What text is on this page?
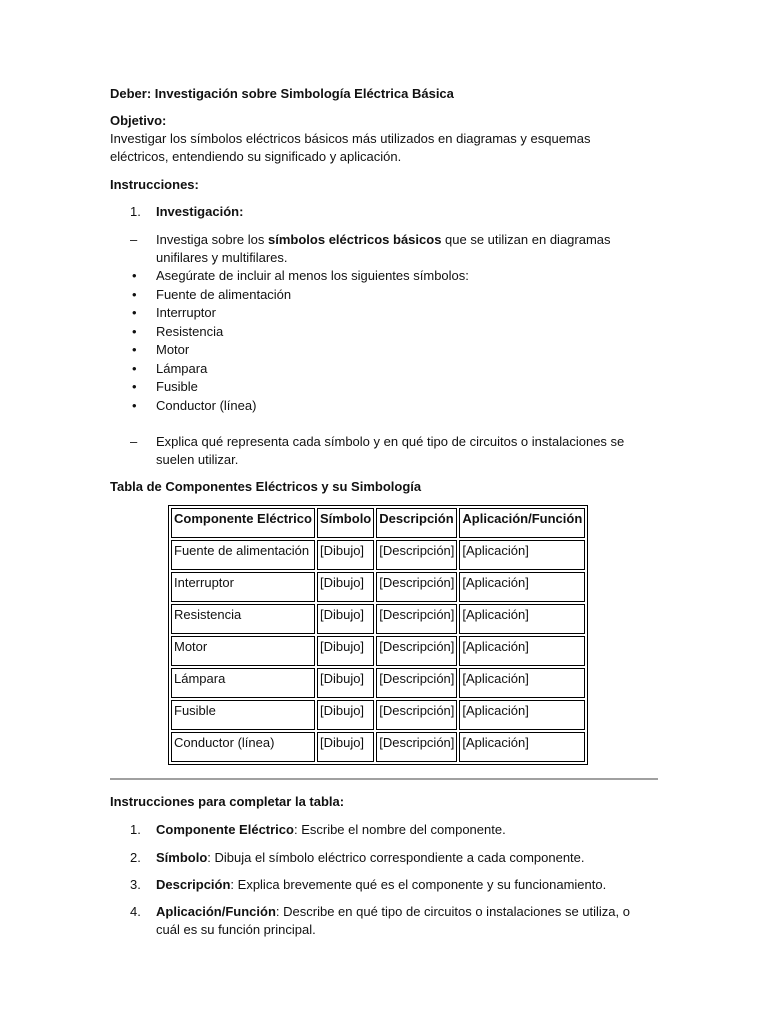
Deber: Investigación sobre Simbología Eléctrica Básica

Objetivo:

Investigar los símbolos eléctricos básicos más utilizados en diagramas y esquemas

eléctricos, entendiendo su significado y aplicación.

Instrucciones:

1. Investigación:
– Investiga sobre los símbolos eléctricos básicos que se utilizan en diagramas
unifilares y multifilares.
• Asegúrate de incluir al menos los siguientes símbolos:
• Fuente de alimentación
• Interruptor
• Resistencia
• Motor
• Lámpara
• Fusible
• Conductor (línea)
– Explica qué representa cada símbolo y en qué tipo de circuitos o instalaciones se
suelen utilizar.

Tabla de Componentes Eléctricos y su Simbología

Componente Eléctrico	Símbolo	Descripción	Aplicación/Función
Fuente de alimentación	[Dibujo]	[Descripción]	[Aplicación]
Interruptor	[Dibujo]	[Descripción]	[Aplicación]
Resistencia	[Dibujo]	[Descripción]	[Aplicación]
Motor	[Dibujo]	[Descripción]	[Aplicación]
Lámpara	[Dibujo]	[Descripción]	[Aplicación]
Fusible	[Dibujo]	[Descripción]	[Aplicación]
Conductor (línea)	[Dibujo]	[Descripción]	[Aplicación]

Instrucciones para completar la tabla:

1. Componente Eléctrico: Escribe el nombre del componente.
2. Símbolo: Dibuja el símbolo eléctrico correspondiente a cada componente.
3. Descripción: Explica brevemente qué es el componente y su funcionamiento.
4. Aplicación/Función: Describe en qué tipo de circuitos o instalaciones se utiliza, o
cuál es su función principal.
